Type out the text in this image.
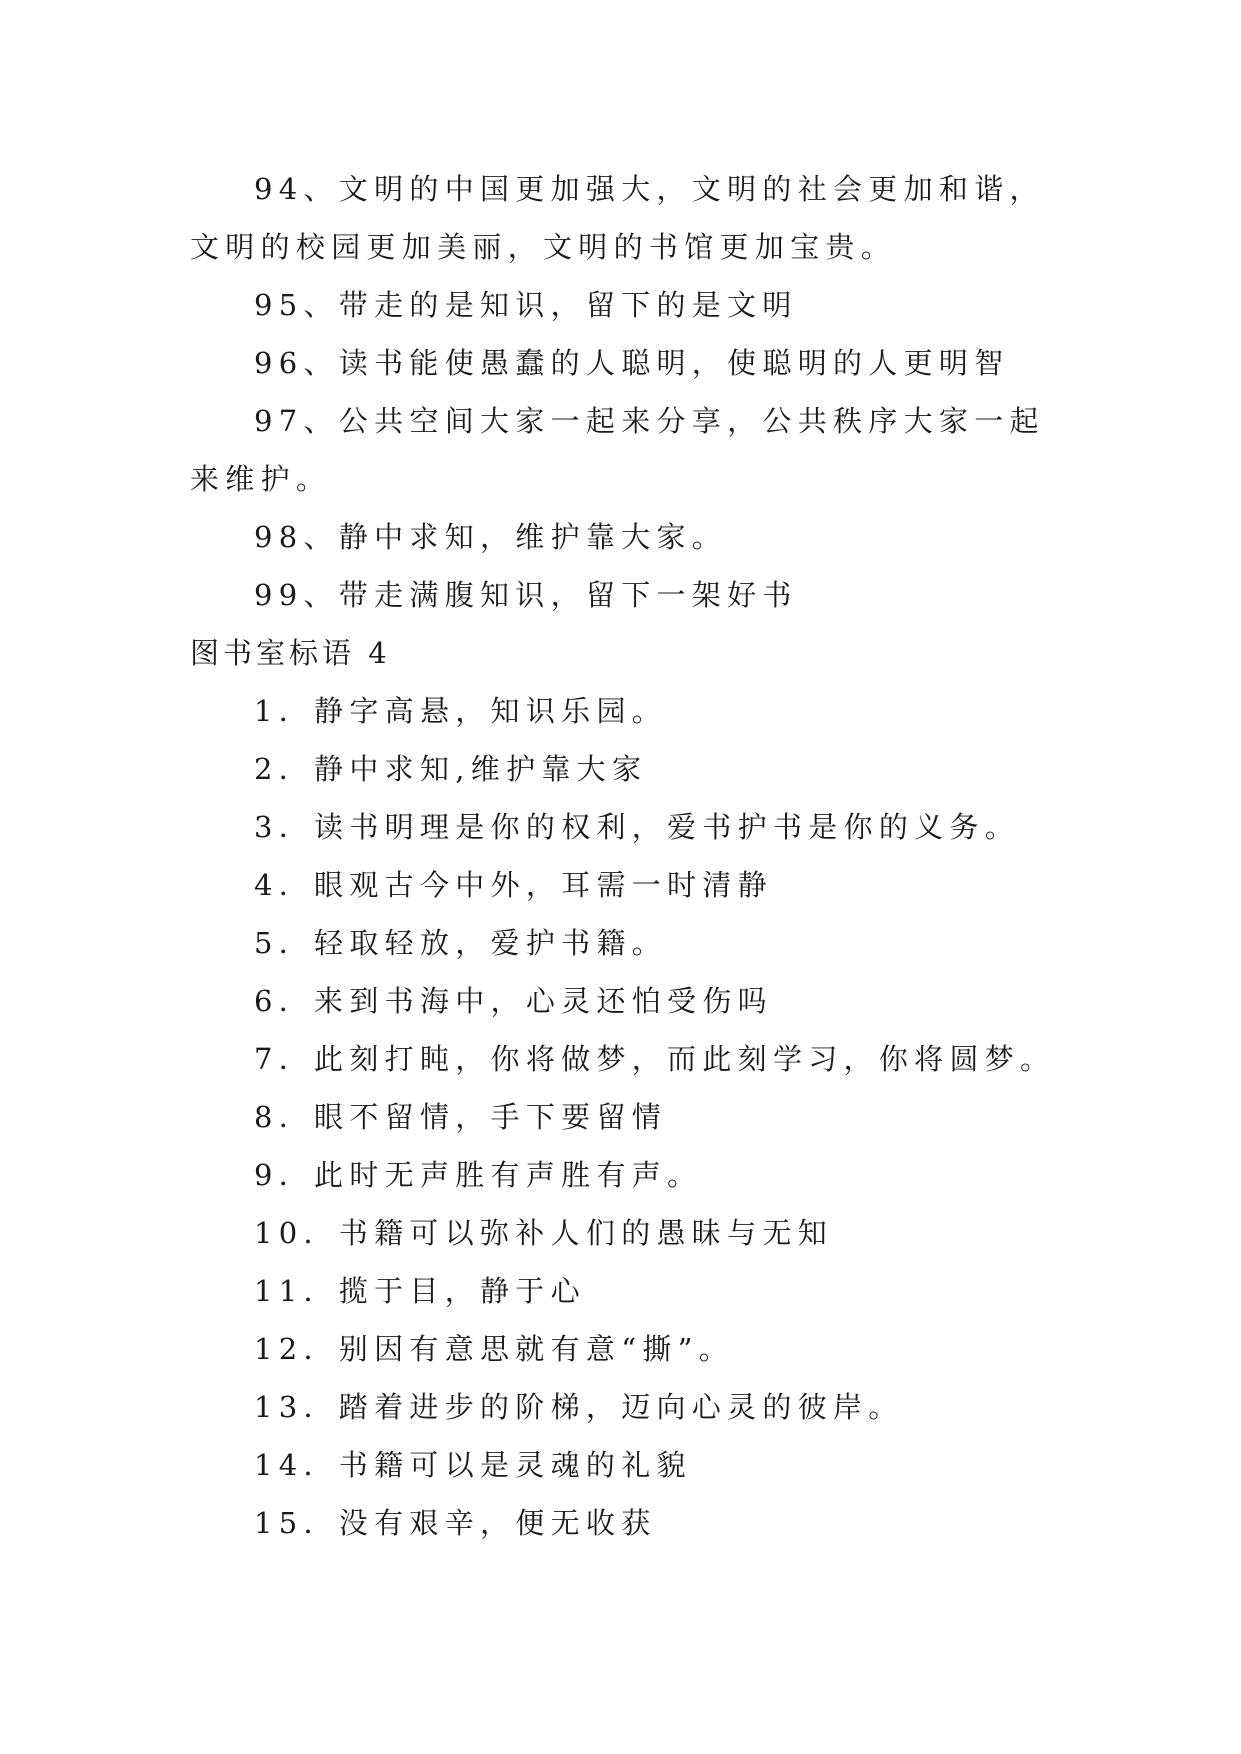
94、文明的中国更加强大，文明的社会更加和谐，文明的校园更加美丽，文明的书馆更加宝贵。

95、带走的是知识，留下的是文明

96、读书能使愚蠢的人聪明，使聪明的人更明智

97、公共空间大家一起来分享，公共秩序大家一起来维护。

98、静中求知，维护靠大家。

99、带走满腹知识，留下一架好书

图书室标语 4

1．静字高悬，知识乐园。

2．静中求知,维护靠大家

3．读书明理是你的权利，爱书护书是你的义务。

4．眼观古今中外，耳需一时清静

5．轻取轻放，爱护书籍。

6．来到书海中，心灵还怕受伤吗

7．此刻打盹，你将做梦，而此刻学习，你将圆梦。

8．眼不留情，手下要留情

9．此时无声胜有声胜有声。

10．书籍可以弥补人们的愚昧与无知

11．揽于目，静于心

12．别因有意思就有意“撕”。

13．踏着进步的阶梯，迈向心灵的彼岸。

14．书籍可以是灵魂的礼貌

15．没有艰辛，便无收获
